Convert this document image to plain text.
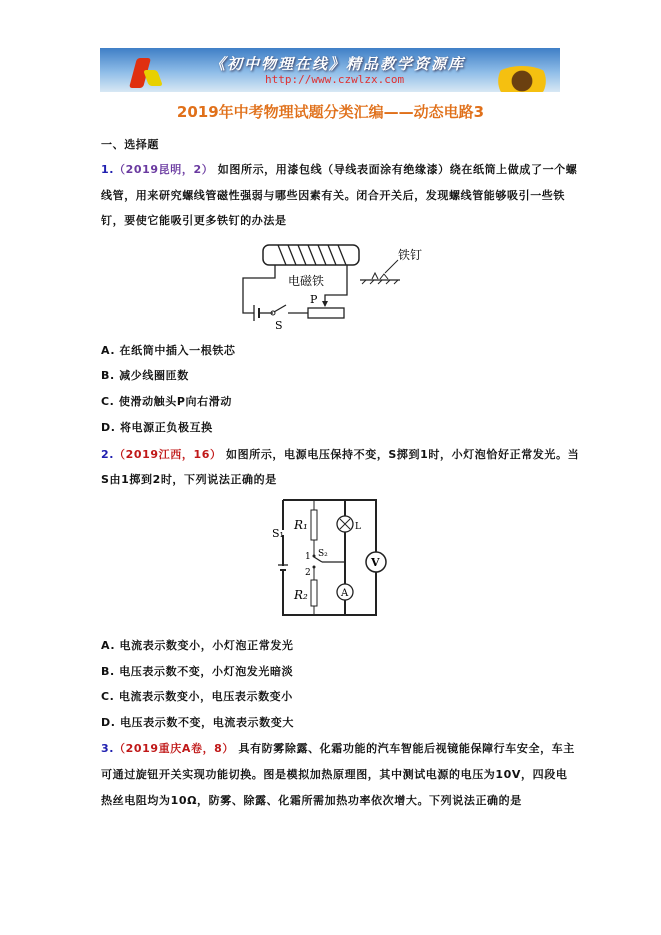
《初中物理在线》精品教学资源库
http://www.czwlzx.com
2019年中考物理试题分类汇编——动态电路3
一、选择题
1.（2019昆明，2） 如图所示，用漆包线（导线表面涂有绝缘漆）绕在纸筒上做成了一个螺
线管，用来研究螺线管磁性强弱与哪些因素有关。闭合开关后，发现螺线管能够吸引一些铁
钉，要使它能吸引更多铁钉的办法是
电磁铁
P
S
铁钉
A. 在纸筒中插入一根铁芯
B. 减少线圈匝数
C. 使滑动触头P向右滑动
D. 将电源正负极互换
2.（2019江西，16） 如图所示，电源电压保持不变，S掷到1时，小灯泡恰好正常发光。当
S由1掷到2时，下列说法正确的是
V
L
A
S₁
R₁
R₂
1
2
S₂
A. 电流表示数变小，小灯泡正常发光
B. 电压表示数不变，小灯泡发光暗淡
C. 电流表示数变小，电压表示数变小
D. 电压表示数不变，电流表示数变大
3.（2019重庆A卷，8） 具有防雾除露、化霜功能的汽车智能后视镜能保障行车安全，车主
可通过旋钮开关实现功能切换。图是模拟加热原理图，其中测试电源的电压为10V，四段电
热丝电阻均为10Ω，防雾、除露、化霜所需加热功率依次增大。下列说法正确的是
